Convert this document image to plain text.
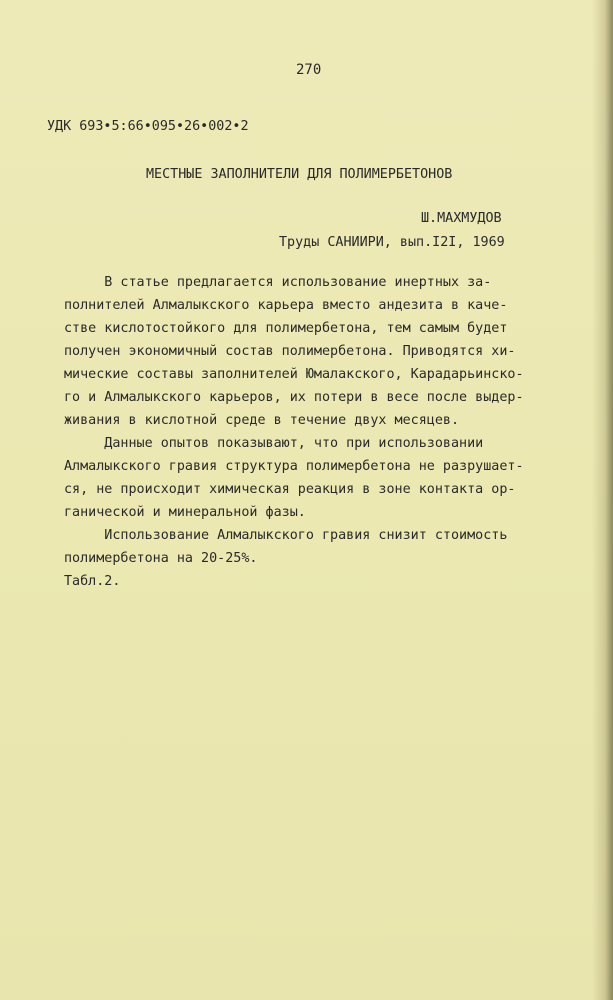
270
УДК 693•5:66•095•26•002•2
МЕСТНЫЕ ЗАПОЛНИТЕЛИ ДЛЯ ПОЛИМЕРБЕТОНОВ
Ш.МАХМУДОВ
Труды САНИИРИ, вып.I2I, 1969
В статье предлагается использование инертных за-
полнителей Алмалыкского карьера вместо андезита в каче-
стве кислотостойкого для полимербетона, тем самым будет
получен экономичный состав полимербетона. Приводятся хи-
мические составы заполнителей Юмалакского, Карадарьинско-
го и Алмалыкского карьеров, их потери в весе после выдер-
живания в кислотной среде в течение двух месяцев.
Данные опытов показывают, что при использовании
Алмалыкского гравия структура полимербетона не разрушает-
ся, не происходит химическая реакция в зоне контакта ор-
ганической и минеральной фазы.
Использование Алмалыкского гравия снизит стоимость
полимербетона на 20-25%.
Табл.2.
